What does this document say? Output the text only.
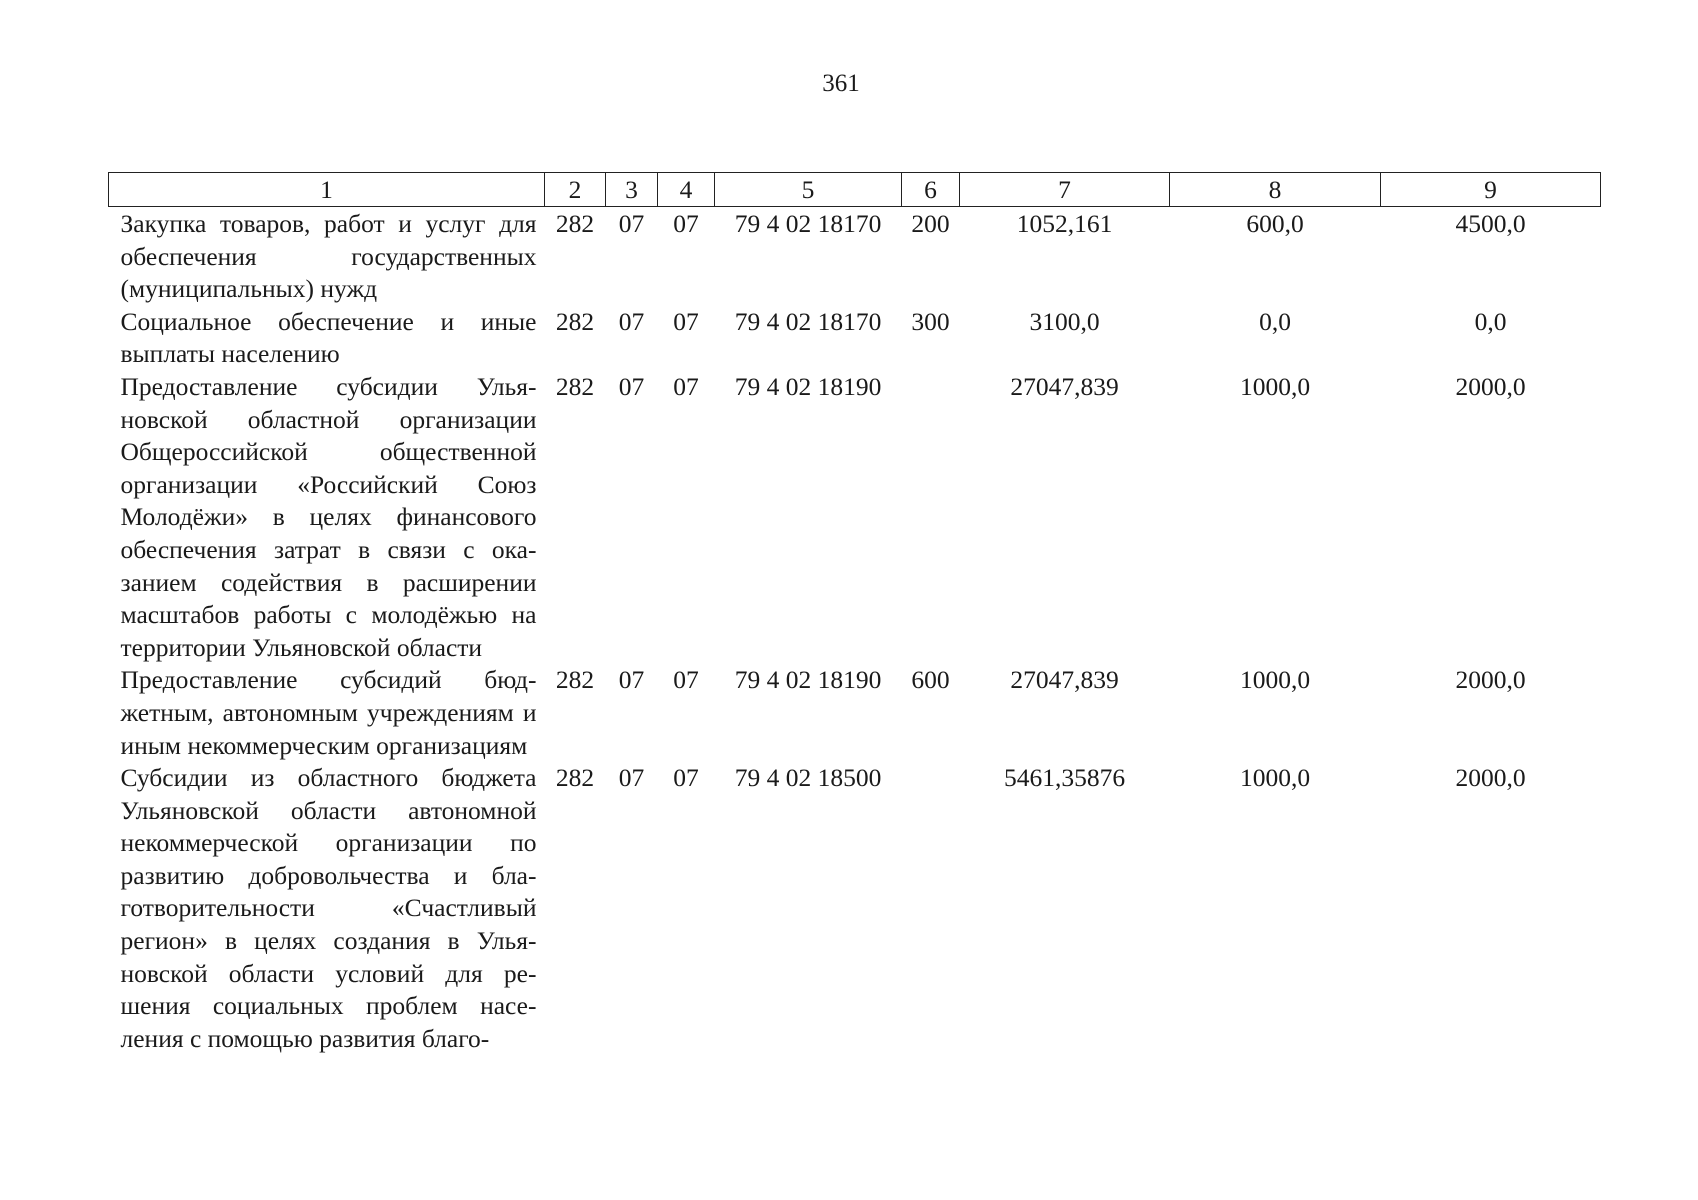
361
1	2	3	4	5	6	7	8	9
Закупка товаров, работ и услуг для обеспечения государственных (муниципальных) нужд	282	07	07	79 4 02 18170	200	1052,161	600,0	4500,0
Социальное обеспечение и иные выплаты населению	282	07	07	79 4 02 18170	300	3100,0	0,0	0,0
Предоставление субсидии Ульяновской областной организации Общероссийской общественной организации «Российский Союз Молодёжи» в целях финансового обеспечения затрат в связи с оказанием содействия в расширении масштабов работы с молодёжью на территории Ульяновской области	282	07	07	79 4 02 18190		27047,839	1000,0	2000,0
Предоставление субсидий бюджетным, автономным учреждениям и иным некоммерческим организациям	282	07	07	79 4 02 18190	600	27047,839	1000,0	2000,0
Субсидии из областного бюджета Ульяновской области автономной некоммерческой организации по развитию добровольчества и благотворительности «Счастливый регион» в целях создания в Ульяновской области условий для решения социальных проблем населения с помощью развития благо-	282	07	07	79 4 02 18500		5461,35876	1000,0	2000,0
